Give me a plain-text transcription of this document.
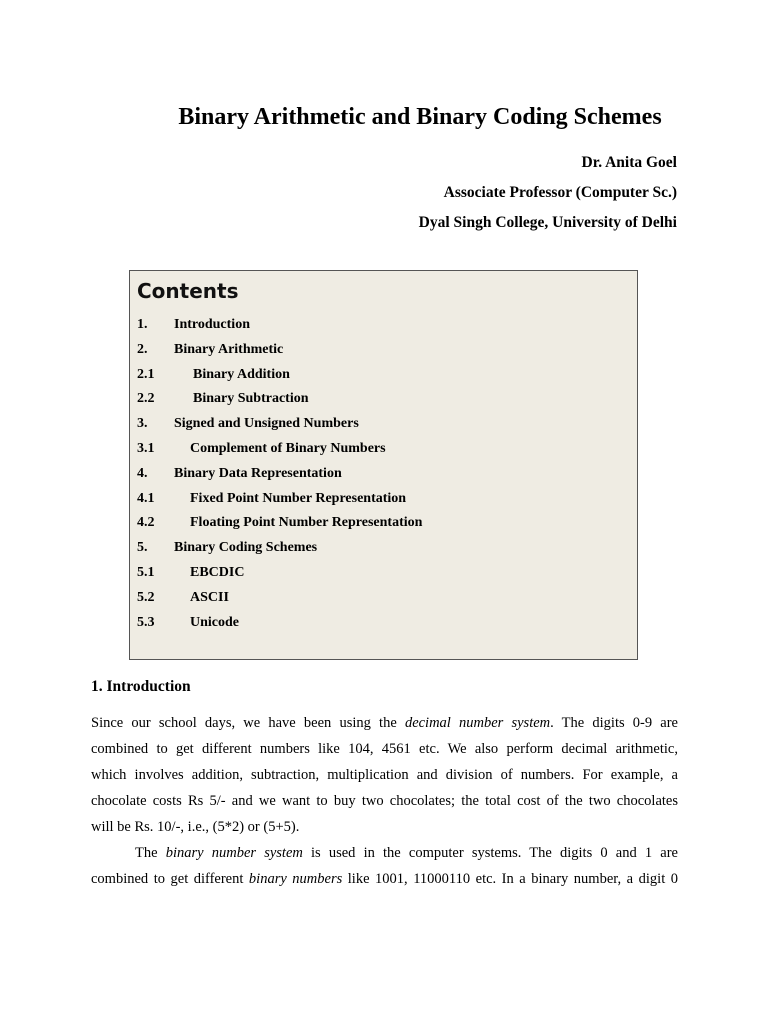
Binary Arithmetic and Binary Coding Schemes
Dr. Anita Goel
Associate Professor (Computer Sc.)
Dyal Singh College, University of Delhi
Contents
1. Introduction
2. Binary Arithmetic
2.1	Binary Addition
2.2	Binary Subtraction
3. Signed and Unsigned Numbers
3.1	Complement of Binary Numbers
4. Binary Data Representation
4.1	Fixed Point Number Representation
4.2	Floating Point Number Representation
5. Binary Coding Schemes
5.1	EBCDIC
5.2	ASCII
5.3	Unicode
1. Introduction
Since our school days, we have been using the decimal number system. The digits 0-9 are
combined to get different numbers like 104, 4561 etc. We also perform decimal arithmetic,
which involves addition, subtraction, multiplication and division of numbers. For example, a
chocolate costs Rs 5/- and we want to buy two chocolates; the total cost of the two chocolates
will be Rs. 10/-, i.e., (5*2) or (5+5).
The binary number system is used in the computer systems. The digits 0 and 1 are
combined to get different binary numbers like 1001, 11000110 etc. In a binary number, a digit 0
